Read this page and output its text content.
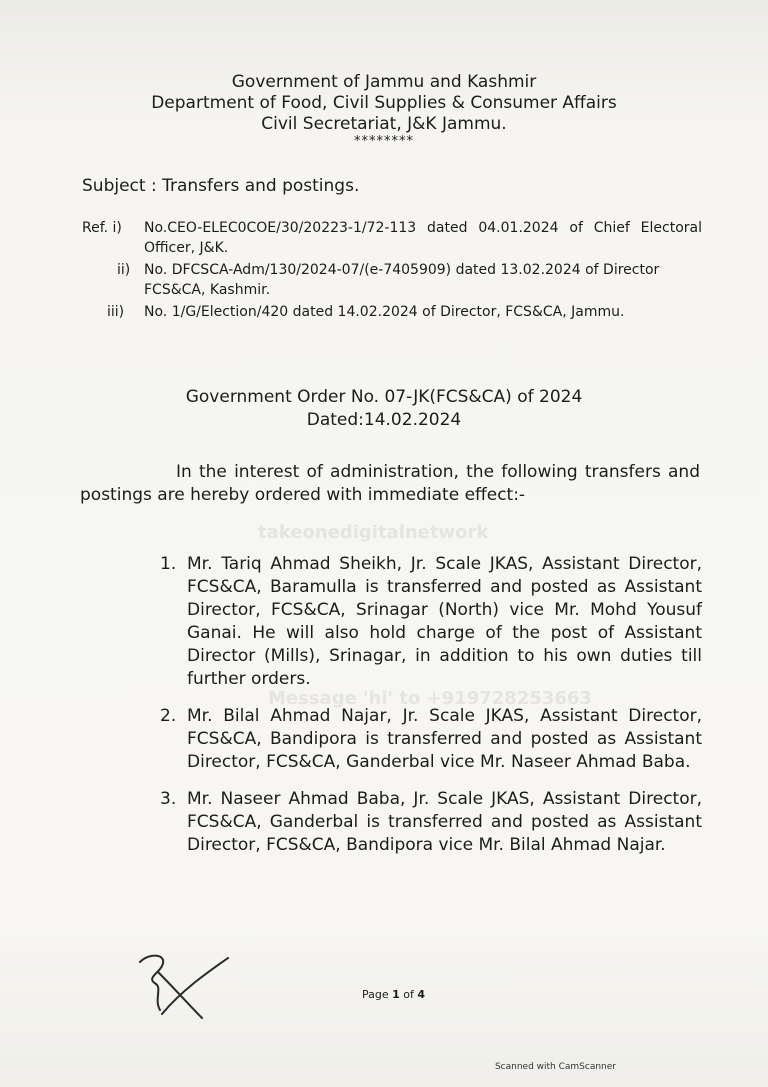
takeonedigitalnetwork
Message 'hi' to +919728253663
Government of Jammu and Kashmir
Department of Food, Civil Supplies & Consumer Affairs
Civil Secretariat, J&K Jammu.
********
Subject : Transfers and postings.
Ref. i) No.CEO-ELEC0COE/30/20223-1/72-113 dated 04.01.2024 of Chief Electoral Officer, J&K.
ii) No. DFCSCA-Adm/130/2024-07/(e-7405909) dated 13.02.2024 of Director FCS&CA, Kashmir.
iii) No. 1/G/Election/420 dated 14.02.2024 of Director, FCS&CA, Jammu.
Government Order No. 07-JK(FCS&CA) of 2024
Dated:14.02.2024
In the interest of administration, the following transfers and postings are hereby ordered with immediate effect:-
1. Mr. Tariq Ahmad Sheikh, Jr. Scale JKAS, Assistant Director, FCS&CA, Baramulla is transferred and posted as Assistant Director, FCS&CA, Srinagar (North) vice Mr. Mohd Yousuf Ganai. He will also hold charge of the post of Assistant Director (Mills), Srinagar, in addition to his own duties till further orders.
2. Mr. Bilal Ahmad Najar, Jr. Scale JKAS, Assistant Director, FCS&CA, Bandipora is transferred and posted as Assistant Director, FCS&CA, Ganderbal vice Mr. Naseer Ahmad Baba.
3. Mr. Naseer Ahmad Baba, Jr. Scale JKAS, Assistant Director, FCS&CA, Ganderbal is transferred and posted as Assistant Director, FCS&CA, Bandipora vice Mr. Bilal Ahmad Najar.
Page 1 of 4
Scanned with CamScanner
